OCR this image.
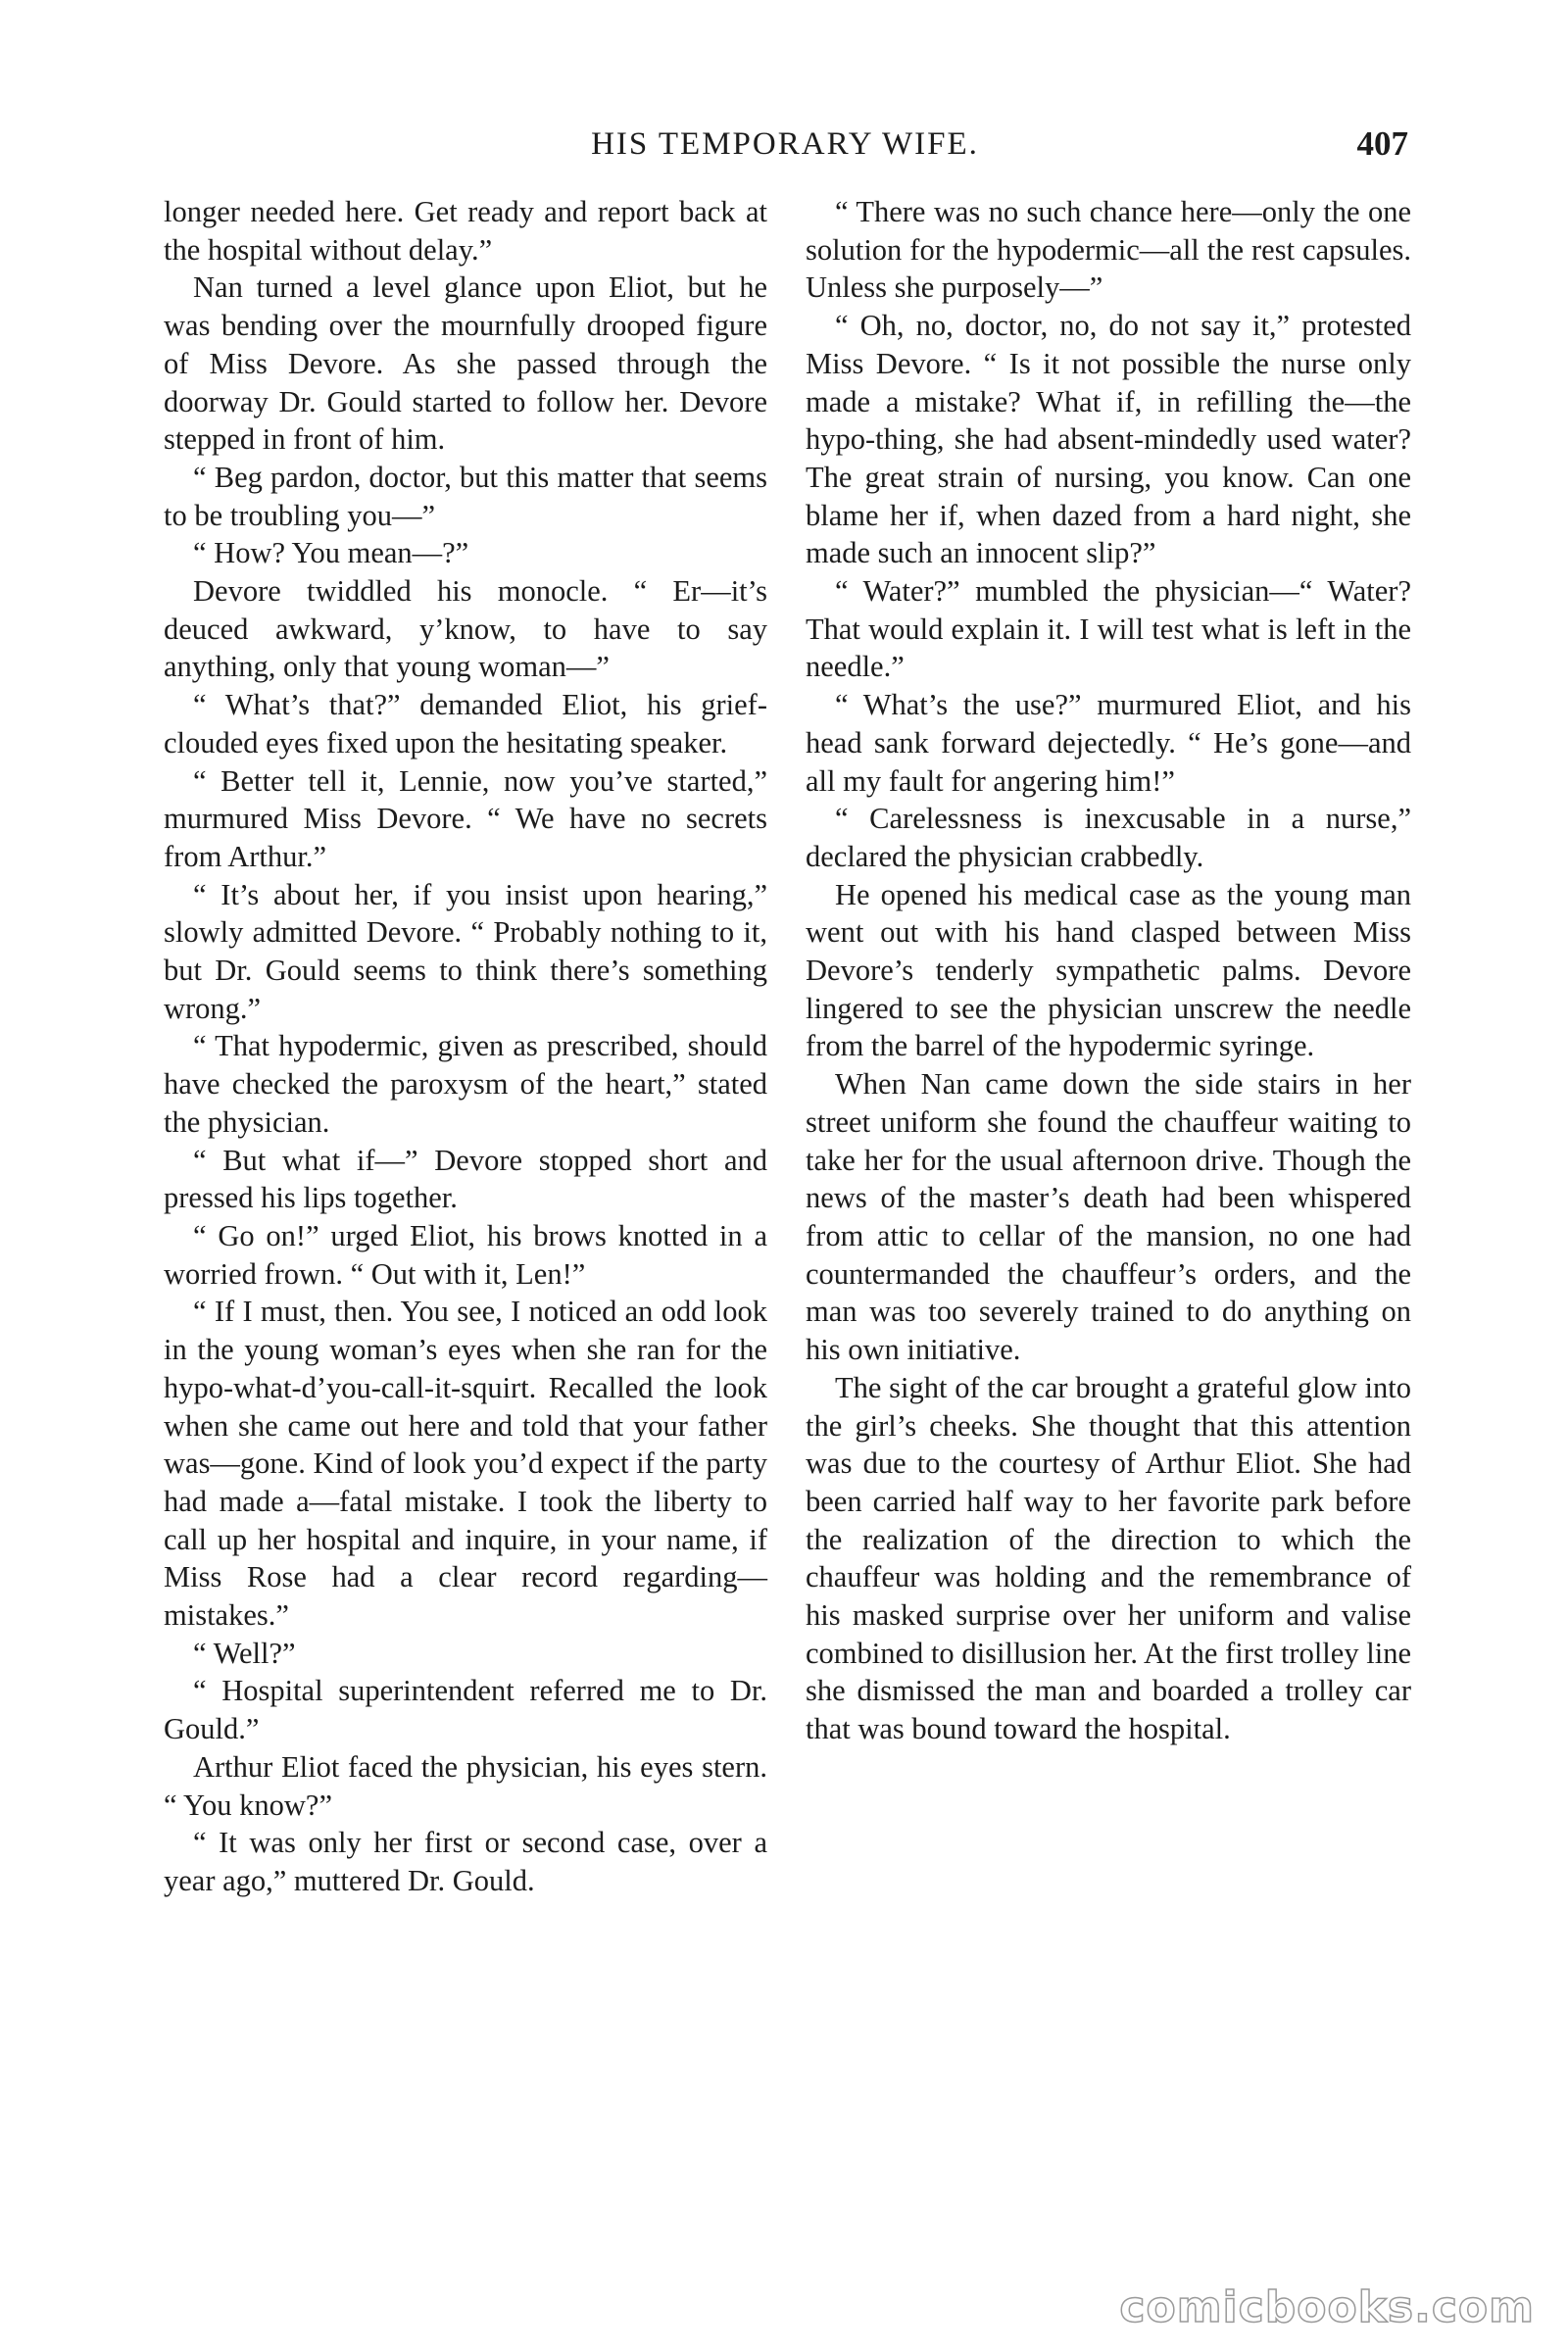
HIS TEMPORARY WIFE.	407

longer needed here. Get ready and report back at the hospital without delay.”

Nan turned a level glance upon Eliot, but he was bending over the mournfully drooped figure of Miss Devore. As she passed through the doorway Dr. Gould started to follow her. Devore stepped in front of him.

“ Beg pardon, doctor, but this matter that seems to be troubling you—”

“ How? You mean—?”

Devore twiddled his monocle. “ Er—it’s deuced awkward, y’know, to have to say anything, only that young woman—”

“ What’s that?” demanded Eliot, his grief-clouded eyes fixed upon the hesitating speaker.

“ Better tell it, Lennie, now you’ve started,” murmured Miss Devore. “ We have no secrets from Arthur.”

“ It’s about her, if you insist upon hearing,” slowly admitted Devore. “ Probably nothing to it, but Dr. Gould seems to think there’s something wrong.”

“ That hypodermic, given as prescribed, should have checked the paroxysm of the heart,” stated the physician.

“ But what if—” Devore stopped short and pressed his lips together.

“ Go on!” urged Eliot, his brows knotted in a worried frown. “ Out with it, Len!”

“ If I must, then. You see, I noticed an odd look in the young woman’s eyes when she ran for the hypo-what-d’you-call-it-squirt. Recalled the look when she came out here and told that your father was—gone. Kind of look you’d expect if the party had made a—fatal mistake. I took the liberty to call up her hospital and inquire, in your name, if Miss Rose had a clear record regarding—mistakes.”

“ Well?”

“ Hospital superintendent referred me to Dr. Gould.”

Arthur Eliot faced the physician, his eyes stern. “ You know?”

“ It was only her first or second case, over a year ago,” muttered Dr. Gould.

“ There was no such chance here—only the one solution for the hypodermic—all the rest capsules. Unless she purposely—”

“ Oh, no, doctor, no, do not say it,” protested Miss Devore. “ Is it not possible the nurse only made a mistake? What if, in refilling the—the hypo-thing, she had absent-mindedly used water? The great strain of nursing, you know. Can one blame her if, when dazed from a hard night, she made such an innocent slip?”

“ Water?” mumbled the physician—“ Water? That would explain it. I will test what is left in the needle.”

“ What’s the use?” murmured Eliot, and his head sank forward dejectedly. “ He’s gone—and all my fault for angering him!”

“ Carelessness is inexcusable in a nurse,” declared the physician crabbedly.

He opened his medical case as the young man went out with his hand clasped between Miss Devore’s tenderly sympathetic palms. Devore lingered to see the physician unscrew the needle from the barrel of the hypodermic syringe.

When Nan came down the side stairs in her street uniform she found the chauffeur waiting to take her for the usual afternoon drive. Though the news of the master’s death had been whispered from attic to cellar of the mansion, no one had countermanded the chauffeur’s orders, and the man was too severely trained to do anything on his own initiative.

The sight of the car brought a grateful glow into the girl’s cheeks. She thought that this attention was due to the courtesy of Arthur Eliot. She had been carried half way to her favorite park before the realization of the direction to which the chauffeur was holding and the remembrance of his masked surprise over her uniform and valise combined to disillusion her. At the first trolley line she dismissed the man and boarded a trolley car that was bound toward the hospital.

comicbooks.com
